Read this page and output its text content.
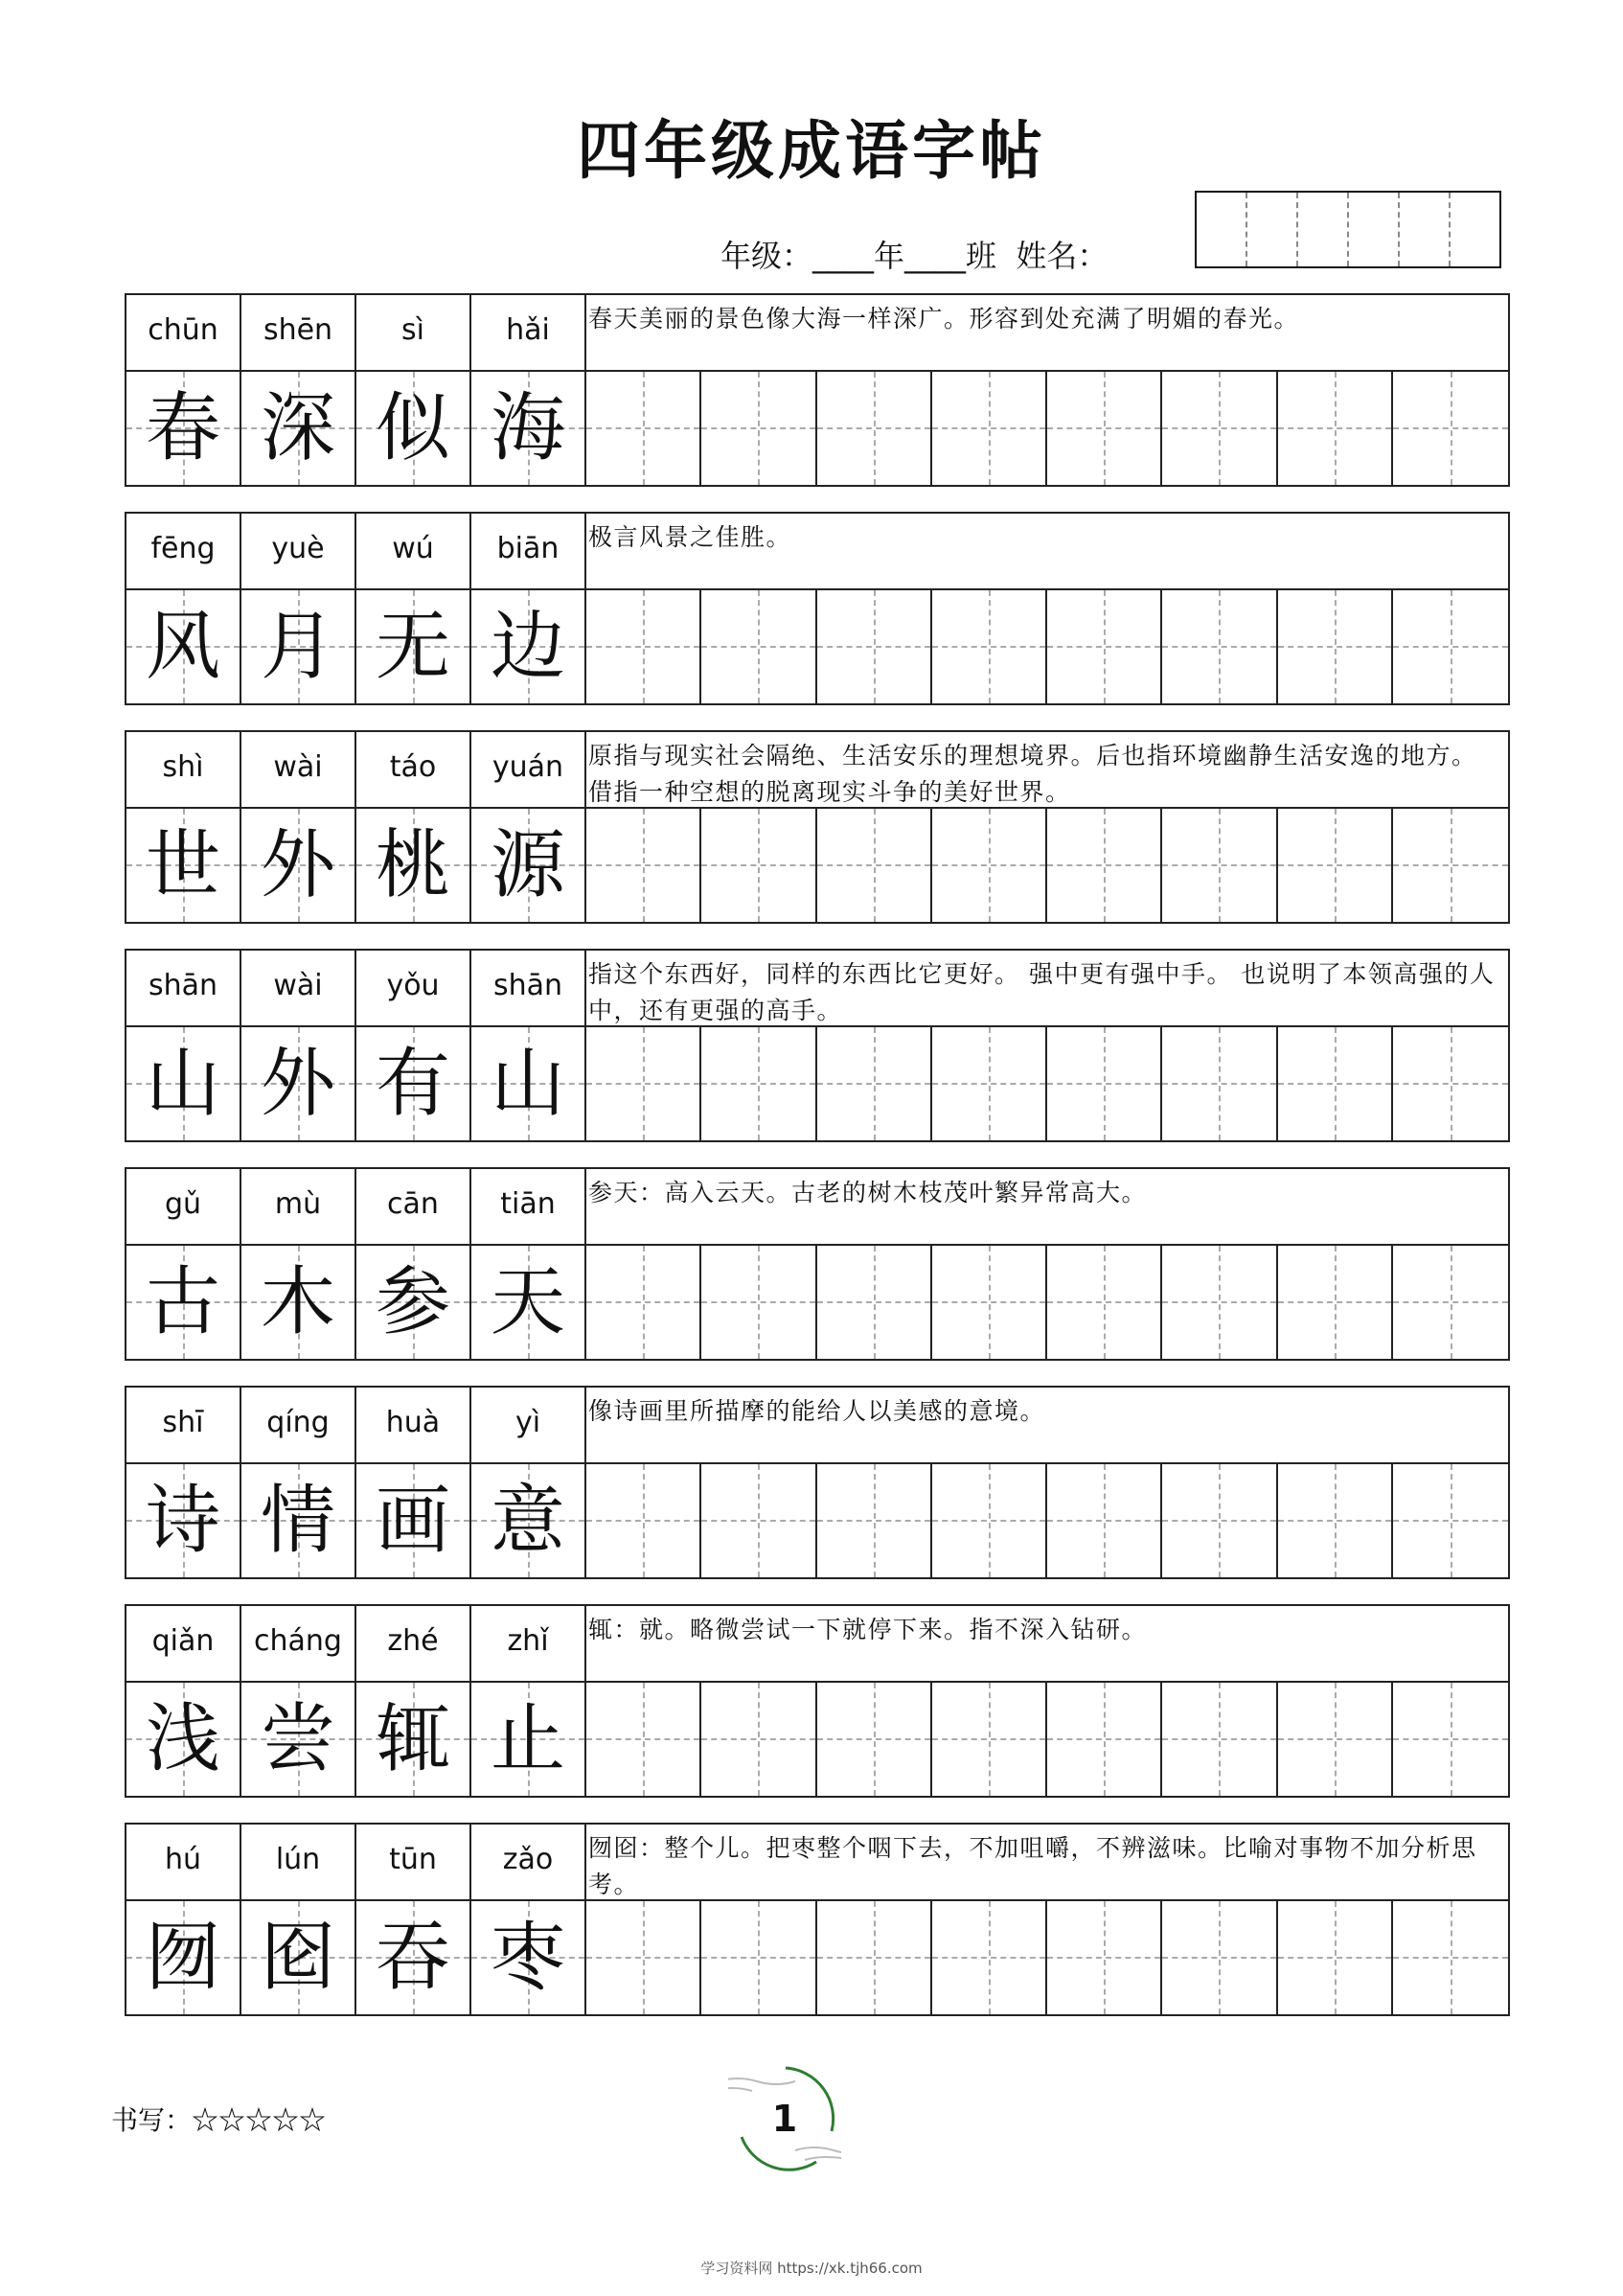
四年级成语字帖
年级：____年____班  姓名：
chūn	shēn	sì	hǎi	春天美丽的景色像大海一样深广。形容到处充满了明媚的春光。
春 深 似 海
fēng	yuè	wú	biān	极言风景之佳胜。
风 月 无 边
shì	wài	táo	yuán	原指与现实社会隔绝、生活安乐的理想境界。后也指环境幽静生活安逸的地方。借指一种空想的脱离现实斗争的美好世界。
世 外 桃 源
shān	wài	yǒu	shān	指这个东西好，同样的东西比它更好。 强中更有强中手。 也说明了本领高强的人中，还有更强的高手。
山 外 有 山
gǔ	mù	cān	tiān	参天：高入云天。古老的树木枝茂叶繁异常高大。
古 木 参 天
shī	qíng	huà	yì	像诗画里所描摩的能给人以美感的意境。
诗 情 画 意
qiǎn	cháng	zhé	zhǐ	辄：就。略微尝试一下就停下来。指不深入钻研。
浅 尝 辄 止
hú	lún	tūn	zǎo	囫囵：整个儿。把枣整个咽下去，不加咀嚼，不辨滋味。比喻对事物不加分析思考。
囫 囵 吞 枣
书写：☆☆☆☆☆	1
学习资料网 https://xk.tjh66.com
